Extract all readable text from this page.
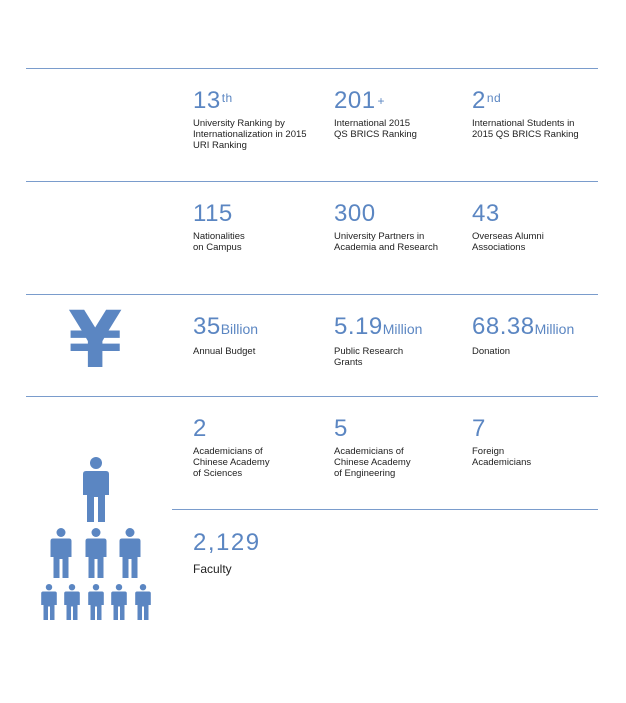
13th
University Ranking by
Internationalization in 2015
URI Ranking
201 +
International 2015
QS BRICS Ranking
2nd
International Students in
2015 QS BRICS Ranking
115
Nationalities
on Campus
300
University Partners in
Academia and Research
43
Overseas Alumni
Associations
¥	35Billion
Annual Budget
5.19Million
Public Research
Grants
68.38Million
Donation
2
Academicians of
Chinese Academy
of Sciences
5
Academicians of
Chinese Academy
of Engineering
7
Foreign
Academicians
2,129
Faculty
